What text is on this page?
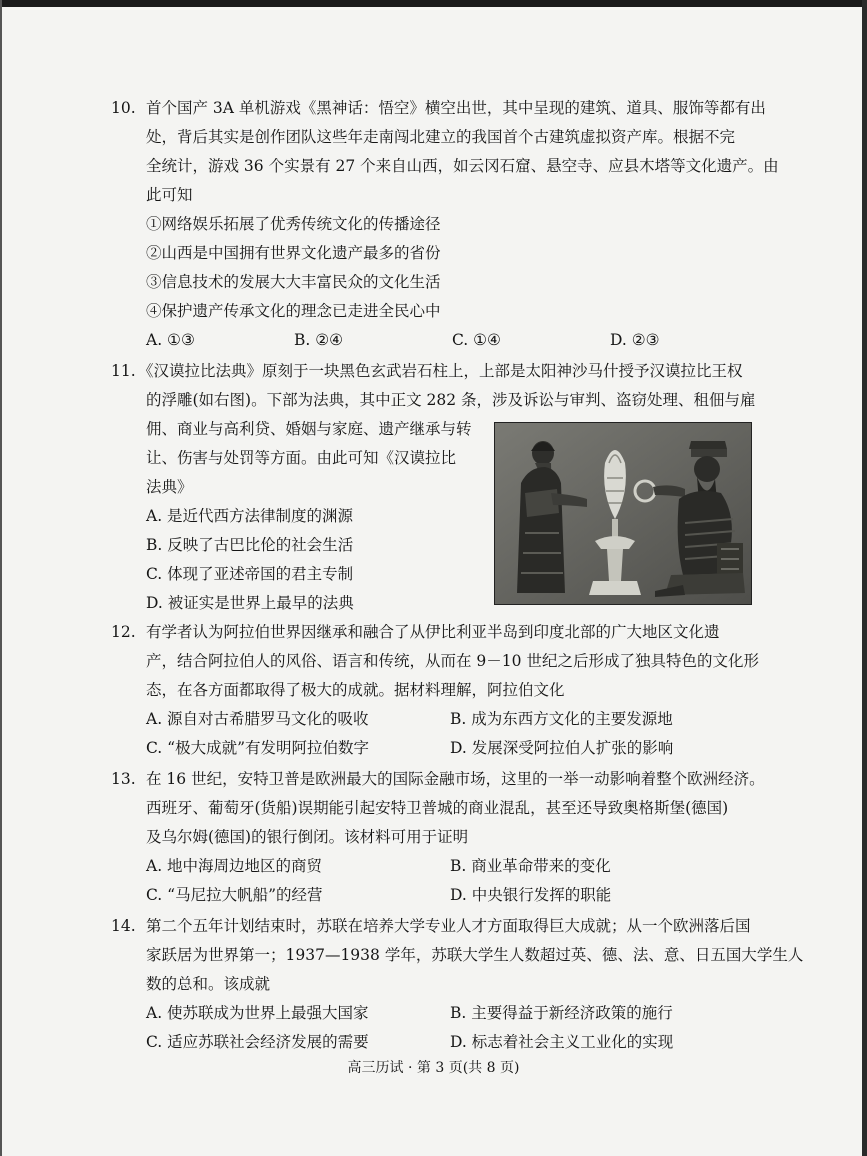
10. 首个国产 3A 单机游戏《黑神话：悟空》横空出世，其中呈现的建筑、道具、服饰等都有出
处，背后其实是创作团队这些年走南闯北建立的我国首个古建筑虚拟资产库。根据不完
全统计，游戏 36 个实景有 27 个来自山西，如云冈石窟、悬空寺、应县木塔等文化遗产。由
此可知
①网络娱乐拓展了优秀传统文化的传播途径
②山西是中国拥有世界文化遗产最多的省份
③信息技术的发展大大丰富民众的文化生活
④保护遗产传承文化的理念已走进全民心中
A. ①③	B. ②④	C. ①④	D. ②③
11. 《汉谟拉比法典》原刻于一块黑色玄武岩石柱上，上部是太阳神沙马什授予汉谟拉比王权
的浮雕(如右图)。下部为法典，其中正文 282 条，涉及诉讼与审判、盗窃处理、租佃与雇
佣、商业与高利贷、婚姻与家庭、遗产继承与转
让、伤害与处罚等方面。由此可知《汉谟拉比
法典》
A. 是近代西方法律制度的渊源
B. 反映了古巴比伦的社会生活
C. 体现了亚述帝国的君主专制
D. 被证实是世界上最早的法典
12. 有学者认为阿拉伯世界因继承和融合了从伊比利亚半岛到印度北部的广大地区文化遗
产，结合阿拉伯人的风俗、语言和传统，从而在 9－10 世纪之后形成了独具特色的文化形
态，在各方面都取得了极大的成就。据材料理解，阿拉伯文化
A. 源自对古希腊罗马文化的吸收	B. 成为东西方文化的主要发源地
C. “极大成就”有发明阿拉伯数字	D. 发展深受阿拉伯人扩张的影响
13. 在 16 世纪，安特卫普是欧洲最大的国际金融市场，这里的一举一动影响着整个欧洲经济。
西班牙、葡萄牙(货船)误期能引起安特卫普城的商业混乱，甚至还导致奥格斯堡(德国)
及乌尔姆(德国)的银行倒闭。该材料可用于证明
A. 地中海周边地区的商贸	B. 商业革命带来的变化
C. “马尼拉大帆船”的经营	D. 中央银行发挥的职能
14. 第二个五年计划结束时，苏联在培养大学专业人才方面取得巨大成就；从一个欧洲落后国
家跃居为世界第一；1937—1938 学年，苏联大学生人数超过英、德、法、意、日五国大学生人
数的总和。该成就
A. 使苏联成为世界上最强大国家	B. 主要得益于新经济政策的施行
C. 适应苏联社会经济发展的需要	D. 标志着社会主义工业化的实现
高三历试 · 第 3 页(共 8 页)
